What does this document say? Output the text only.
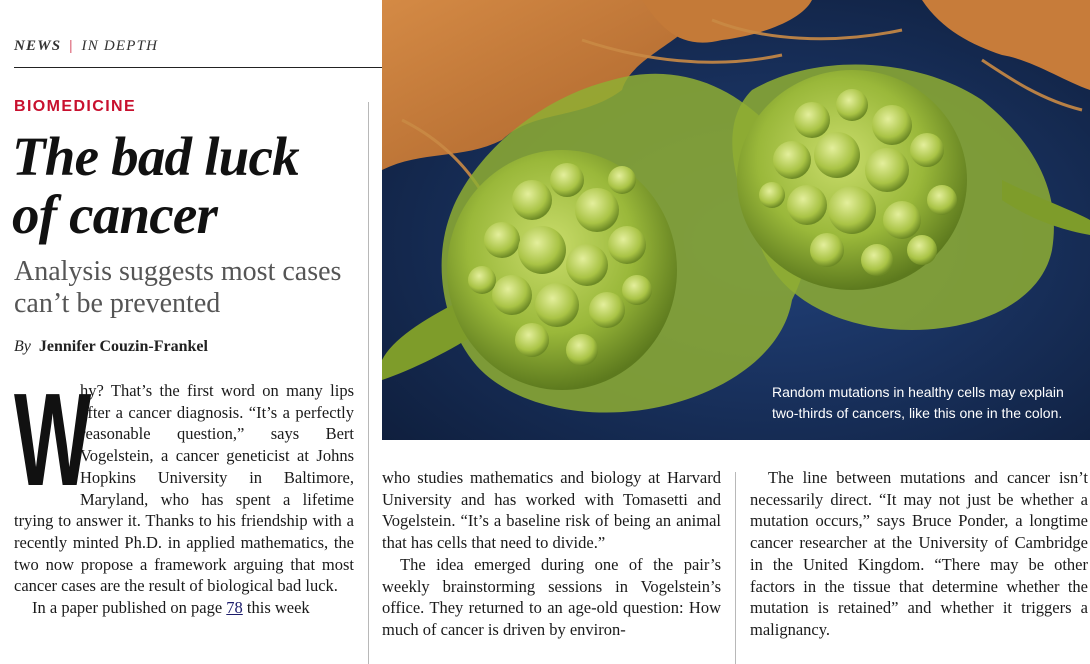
NEWS | IN DEPTH
BIOMEDICINE
The bad luck
of cancer
Analysis suggests most cases can’t be prevented
By Jennifer Couzin-Frankel
Random mutations in healthy cells may explain two-thirds of cancers, like this one in the colon.
W

hy? That’s the first word on many lips after a cancer diagnosis. “It’s a perfectly reasonable question,” says Bert Vogelstein, a cancer geneticist at Johns Hopkins University in Baltimore, Maryland, who has spent a lifetime trying to answer it. Thanks to his friendship with a recently minted Ph.D. in applied mathematics, the two now propose a framework arguing that most cancer cases are the result of biological bad luck.

In a paper published on page 78 this week

who studies mathematics and biology at Harvard University and has worked with Tomasetti and Vogelstein. “It’s a baseline risk of being an animal that has cells that need to divide.”

The idea emerged during one of the pair’s weekly brainstorming sessions in Vogelstein’s office. They returned to an age-old question: How much of cancer is driven by environ-

The line between mutations and cancer isn’t necessarily direct. “It may not just be whether a mutation occurs,” says Bruce Ponder, a longtime cancer researcher at the University of Cambridge in the United Kingdom. “There may be other factors in the tissue that determine whether the mutation is retained” and whether it triggers a malignancy.
